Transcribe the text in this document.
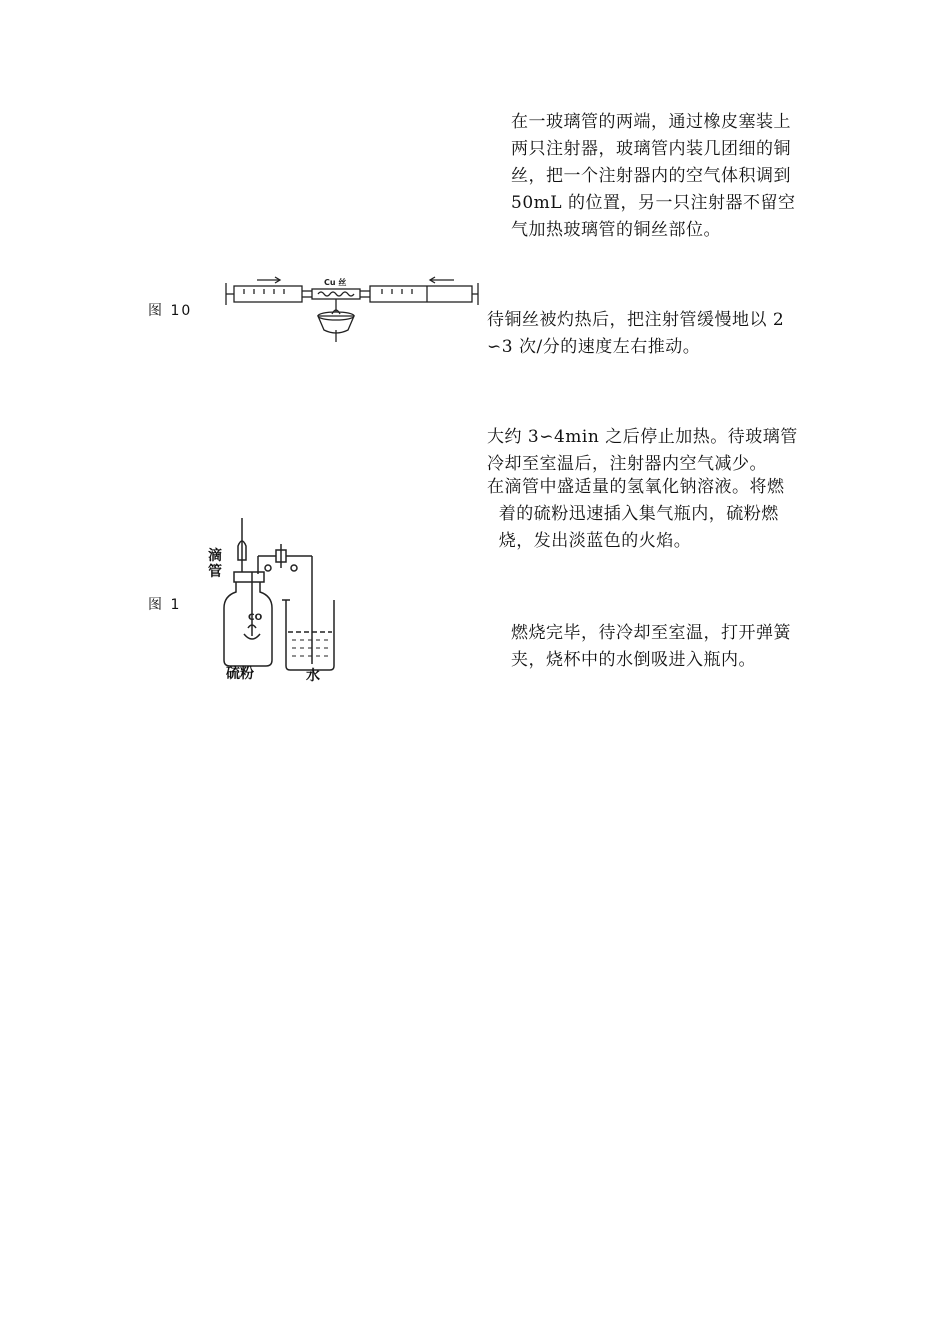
在一玻璃管的两端，通过橡皮塞装上
两只注射器，玻璃管内装几团细的铜
丝，把一个注射器内的空气体积调到
50mL 的位置，另一只注射器不留空
气加热玻璃管的铜丝部位。
图 10
Cu 丝
待铜丝被灼热后，把注射管缓慢地以 2
∽3 次/分的速度左右推动。
大约 3∽4min 之后停止加热。待玻璃管
冷却至室温后，注射器内空气减少。
在滴管中盛适量的氢氧化钠溶液。将燃
着的硫粉迅速插入集气瓶内，硫粉燃
烧，发出淡蓝色的火焰。
图 1
滴
管
CO
硫粉	水
燃烧完毕，待冷却至室温，打开弹簧
夹，烧杯中的水倒吸进入瓶内。
